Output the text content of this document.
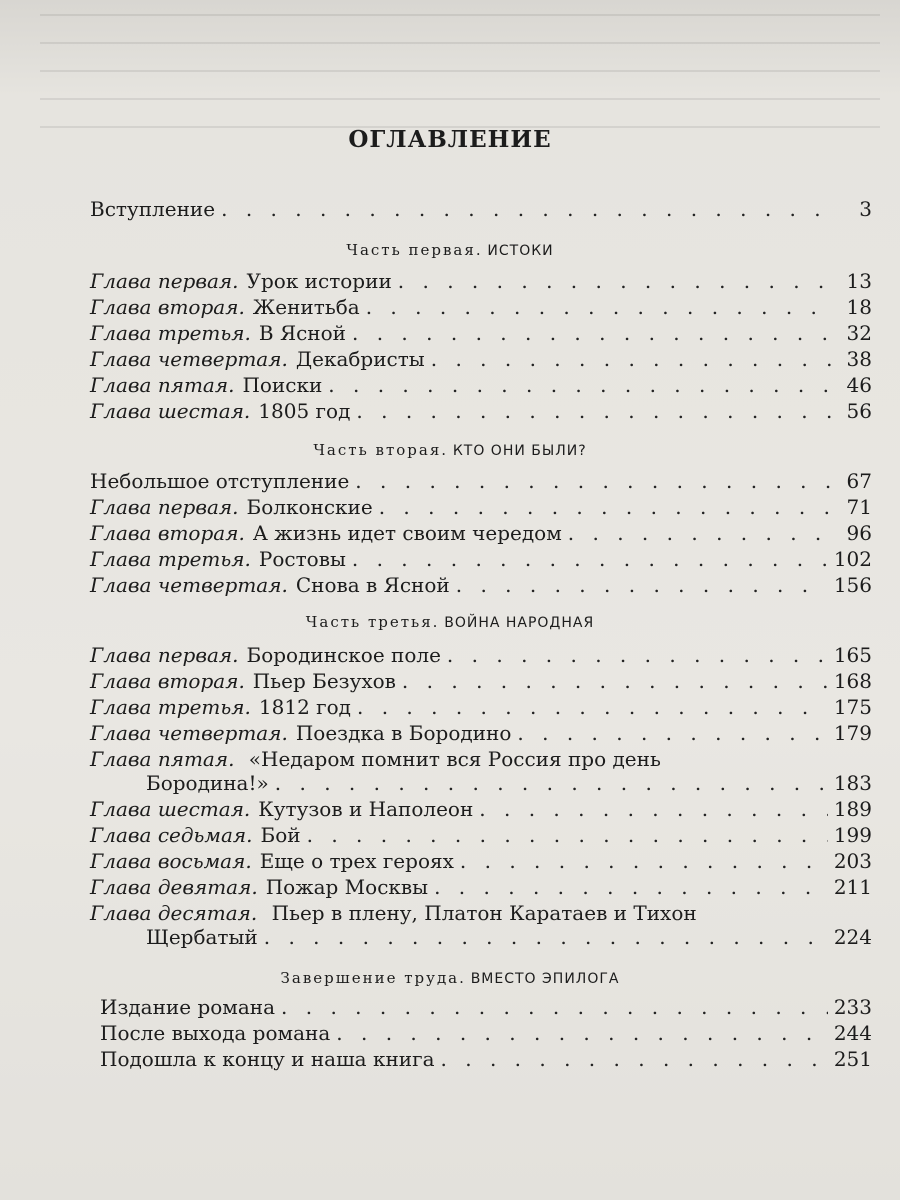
ОГЛАВЛЕНИЕ
Вступление . . .	3
Часть первая. ИСТОКИ
Глава первая. Урок истории . . .	13
Глава вторая. Женитьба . . .	18
Глава третья. В Ясной . . .	32
Глава четвертая. Декабристы . . .	38
Глава пятая. Поиски . . .	46
Глава шестая. 1805 год . . .	56
Часть вторая. КТО ОНИ БЫЛИ?
Небольшое отступление . . .	67
Глава первая. Болконские . . .	71
Глава вторая. А жизнь идет своим чередом . . .	96
Глава третья. Ростовы . . .	102
Глава четвертая. Снова в Ясной . . .	156
Часть третья. ВОЙНА НАРОДНАЯ
Глава первая. Бородинское поле . . .	165
Глава вторая. Пьер Безухов . . .	168
Глава третья. 1812 год . . .	175
Глава четвертая. Поездка в Бородино . . .	179
Глава пятая. «Недаром помнит вся Россия про день
Бородина!» . . .	183
Глава шестая. Кутузов и Наполеон . . .	189
Глава седьмая. Бой . . .	199
Глава восьмая. Еще о трех героях . . .	203
Глава девятая. Пожар Москвы . . .	211
Глава десятая. Пьер в плену, Платон Каратаев и Тихон
Щербатый . . .	224
Завершение труда. ВМЕСТО ЭПИЛОГА
Издание романа . . .	233
После выхода романа . . .	244
Подошла к концу и наша книга . . .	251
